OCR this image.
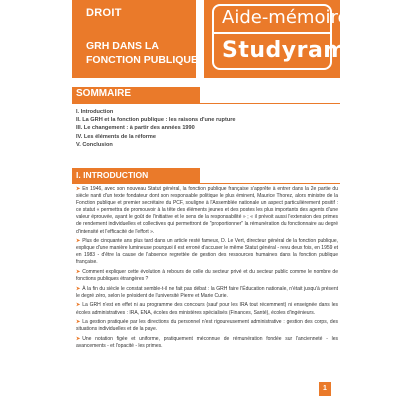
DROIT
GRH DANS LA
FONCTION PUBLIQUE
Aide-mémoire
Studyrama
SOMMAIRE
I. Introduction
II. La GRH et la fonction publique : les raisons d'une rupture
III. Le changement : à partir des années 1990
IV. Les éléments de la réforme
V. Conclusion
I. INTRODUCTION

➤ En 1946, avec son nouveau Statut général, la fonction publique française s'apprête à entrer dans la 2e partie du siècle nanti d'un texte fondateur dont son responsable politique le plus éminent, Maurice Thorez, alors ministre de la Fonction publique et premier secrétaire du PCF, souligne à l'Assemblée nationale un aspect particulièrement positif : ce statut « permettra de promouvoir à la tête des éléments jeunes et des postes les plus importants des agents d'une valeur éprouvée, ayant le goût de l'initiative et le sens de la responsabilité » ; « il prévoit aussi l'extension des primes de rendement individuelles et collectives qui permettront de "proportionner" la rémunération du fonctionnaire au degré d'intensité et l'efficacité de l'effort ».

➤ Plus de cinquante ans plus tard dans un article resté fameux, D. Le Vert, directeur général de la fonction publique, explique d'une manière lumineuse pourquoi il est erroné d'accuser le même Statut général - revu deux fois, en 1959 et en 1983 - d'être la cause de l'absence regrettée de gestion des ressources humaines dans la fonction publique française.

➤ Comment expliquer cette évolution à rebours de celle du secteur privé et du secteur public comme le nombre de fonctions publiques étrangères ?

➤ À la fin du siècle le constat semble-t-il ne fait pas débat : la GRH faire l'Éducation nationale, n'était jusqu'à présent le degré zéro, selon le président de l'université Pierre et Marie Curie.

➤ La GRH n'est en effet ni au programme des concours (sauf pour les IRA tout récemment) ni enseignée dans les écoles administratives : IRA, ENA, écoles des ministères spécialisés (Finances, Santé), écoles d'ingénieurs.

➤ La gestion pratiquée par les directions du personnel n'est rigoureusement administrative : gestion des corps, des situations individuelles et de la paye.

➤ Une notation figée et uniforme, pratiquement méconnue de rémunération fondée sur l'ancienneté - les avancements - et l'opacité - les primes.

1
